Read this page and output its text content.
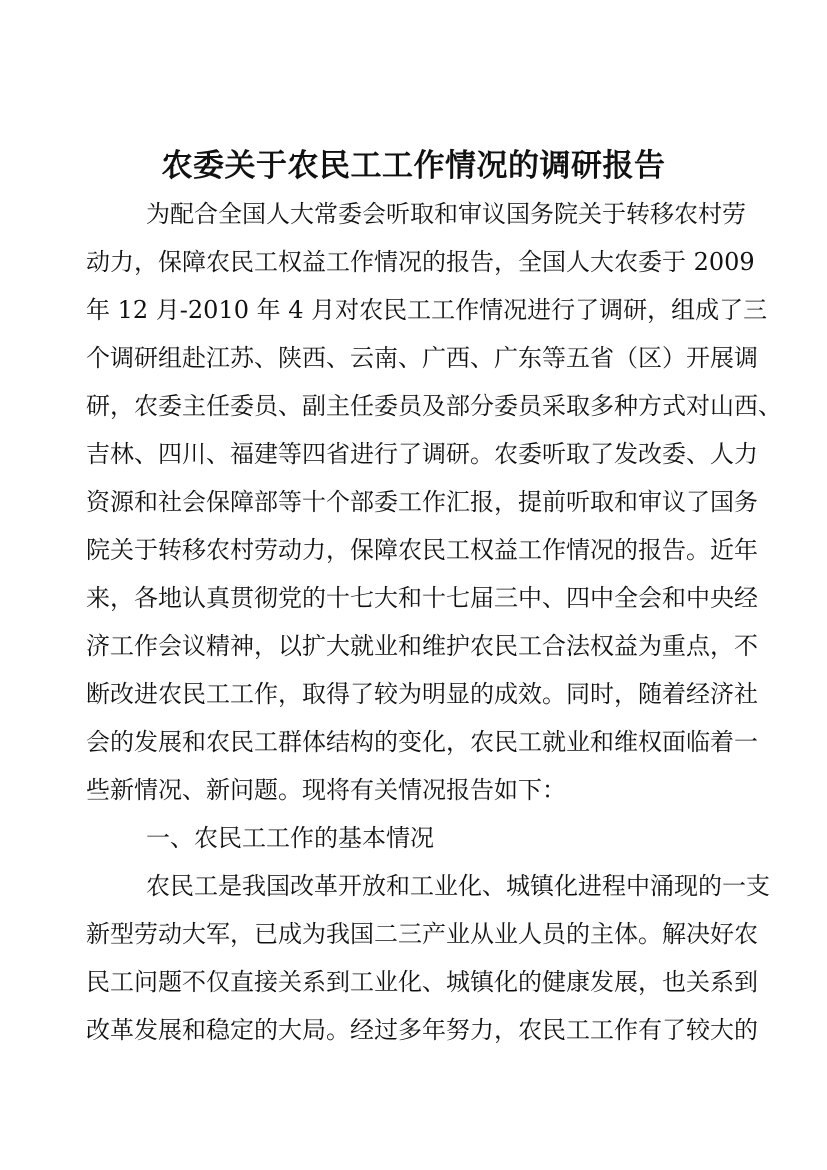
农委关于农民工工作情况的调研报告

为配合全国人大常委会听取和审议国务院关于转移农村劳

动力，保障农民工权益工作情况的报告，全国人大农委于 2009

年 12 月-2010 年 4 月对农民工工作情况进行了调研，组成了三

个调研组赴江苏、陕西、云南、广西、广东等五省（区）开展调

研，农委主任委员、副主任委员及部分委员采取多种方式对山西、

吉林、四川、福建等四省进行了调研。农委听取了发改委、人力

资源和社会保障部等十个部委工作汇报，提前听取和审议了国务

院关于转移农村劳动力，保障农民工权益工作情况的报告。近年

来，各地认真贯彻党的十七大和十七届三中、四中全会和中央经

济工作会议精神，以扩大就业和维护农民工合法权益为重点，不

断改进农民工工作，取得了较为明显的成效。同时，随着经济社

会的发展和农民工群体结构的变化，农民工就业和维权面临着一

些新情况、新问题。现将有关情况报告如下：

一、农民工工作的基本情况

农民工是我国改革开放和工业化、城镇化进程中涌现的一支

新型劳动大军，已成为我国二三产业从业人员的主体。解决好农

民工问题不仅直接关系到工业化、城镇化的健康发展，也关系到

改革发展和稳定的大局。经过多年努力，农民工工作有了较大的
